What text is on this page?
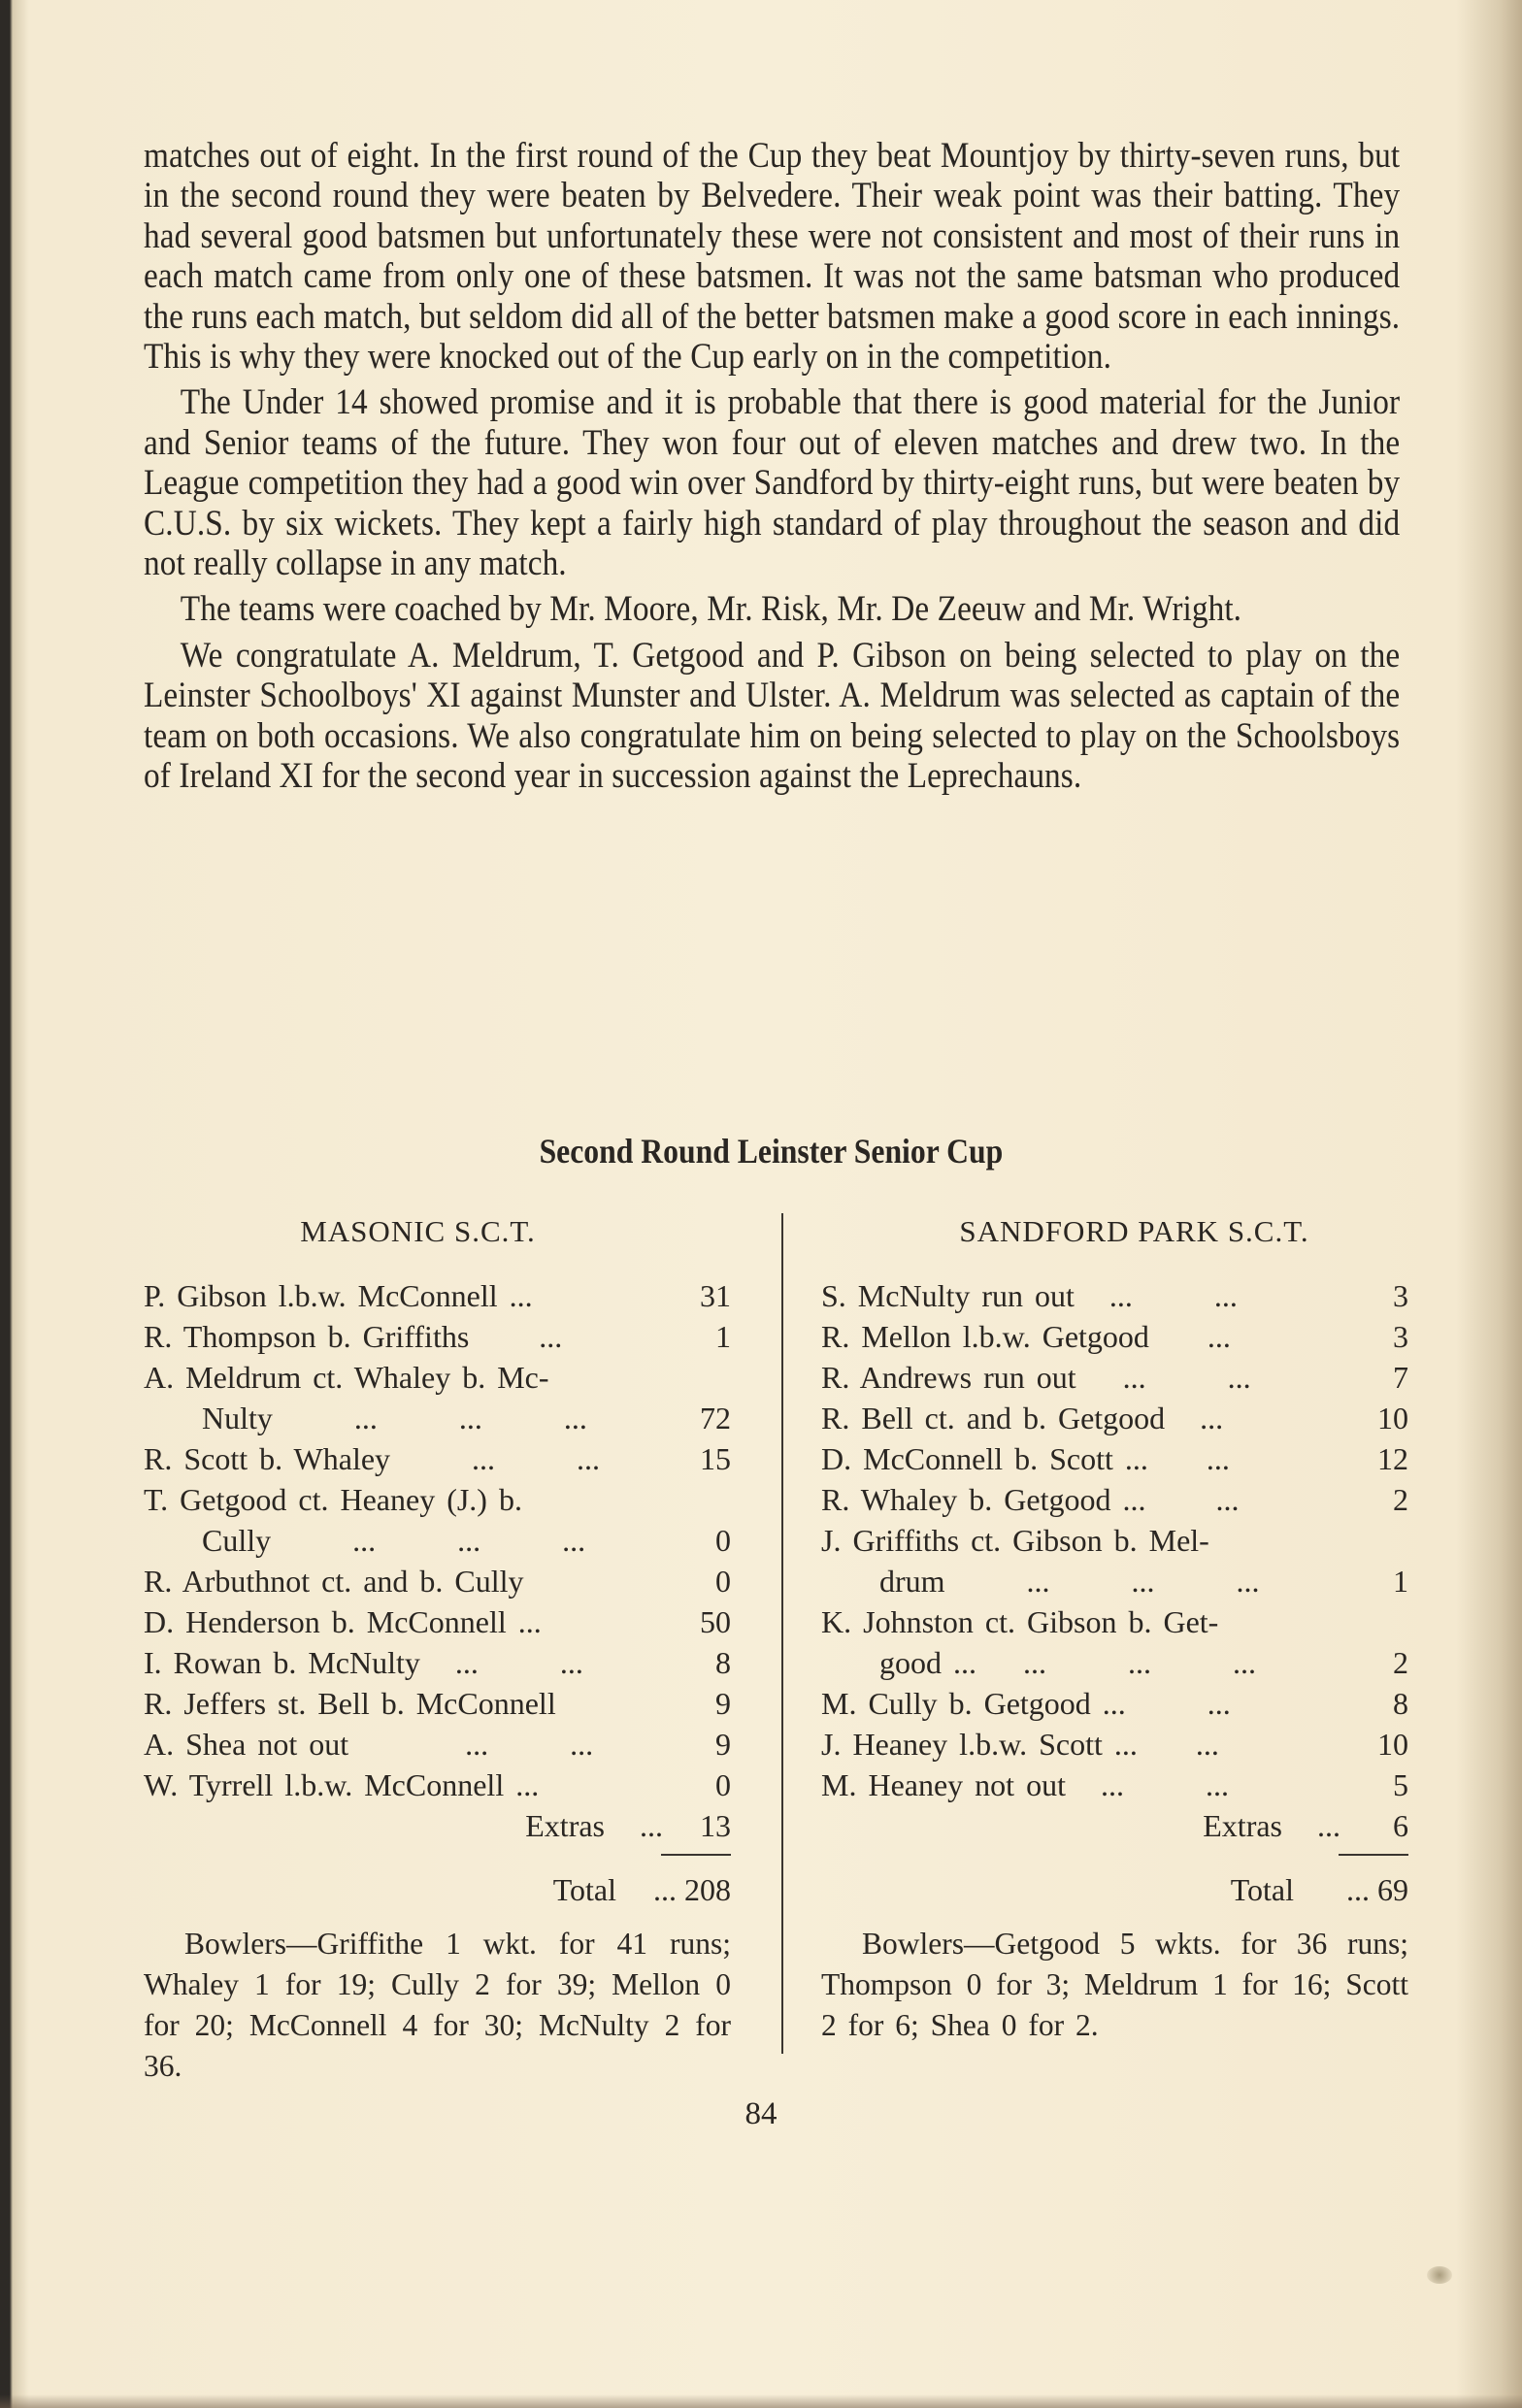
matches out of eight. In the first round of the Cup they beat Mountjoy by thirty-seven runs, but in the second round they were beaten by Belvedere. Their weak point was their batting. They had several good batsmen but unfortunately these were not consistent and most of their runs in each match came from only one of these batsmen. It was not the same batsman who produced the runs each match, but seldom did all of the better batsmen make a good score in each innings. This is why they were knocked out of the Cup early on in the competition.

The Under 14 showed promise and it is probable that there is good material for the Junior and Senior teams of the future. They won four out of eleven matches and drew two. In the League competition they had a good win over Sandford by thirty-eight runs, but were beaten by C.U.S. by six wickets. They kept a fairly high standard of play throughout the season and did not really collapse in any match.

The teams were coached by Mr. Moore, Mr. Risk, Mr. De Zeeuw and Mr. Wright.

We congratulate A. Meldrum, T. Getgood and P. Gibson on being selected to play on the Leinster Schoolboys' XI against Munster and Ulster. A. Meldrum was selected as captain of the team on both occasions. We also congratulate him on being selected to play on the Schoolsboys of Ireland XI for the second year in succession against the Leprechauns.

Second Round Leinster Senior Cup
MASONIC S.C.T.
P. Gibson l.b.w. McConnell ...	31
R. Thompson b. Griffiths      ...	1
A. Meldrum ct. Whaley b. Mc-
Nulty       ...       ...       ...	72
R. Scott b. Whaley       ...       ...	15
T. Getgood ct. Heaney (J.) b.
Cully       ...       ...       ...	0
R. Arbuthnot ct. and b. Cully	0
D. Henderson b. McConnell ...	50
I. Rowan b. McNulty   ...       ...	8
R. Jeffers st. Bell b. McConnell	9
A. Shea not out          ...       ...	9
W. Tyrrell l.b.w. McConnell ...	0
Extras   ...	13
Total	... 208
Bowlers—Griffithe 1 wkt. for 41 runs; Whaley 1 for 19; Cully 2 for 39; Mellon 0 for 20; McConnell 4 for 30; McNulty 2 for 36.
SANDFORD PARK S.C.T.
S. McNulty run out   ...       ...	3
R. Mellon l.b.w. Getgood     ...	3
R. Andrews run out    ...       ...	7
R. Bell ct. and b. Getgood   ...	10
D. McConnell b. Scott ...     ...	12
R. Whaley b. Getgood ...      ...	2
J. Griffiths ct. Gibson b. Mel-
drum       ...       ...       ...	1
K. Johnston ct. Gibson b. Get-
good ...    ...       ...       ...	2
M. Cully b. Getgood ...       ...	8
J. Heaney l.b.w. Scott ...     ...	10
M. Heaney not out   ...       ...	5
Extras   ...	6
Total	... 69
Bowlers—Getgood 5 wkts. for 36 runs; Thompson 0 for 3; Meldrum 1 for 16; Scott 2 for 6; Shea 0 for 2.
84
